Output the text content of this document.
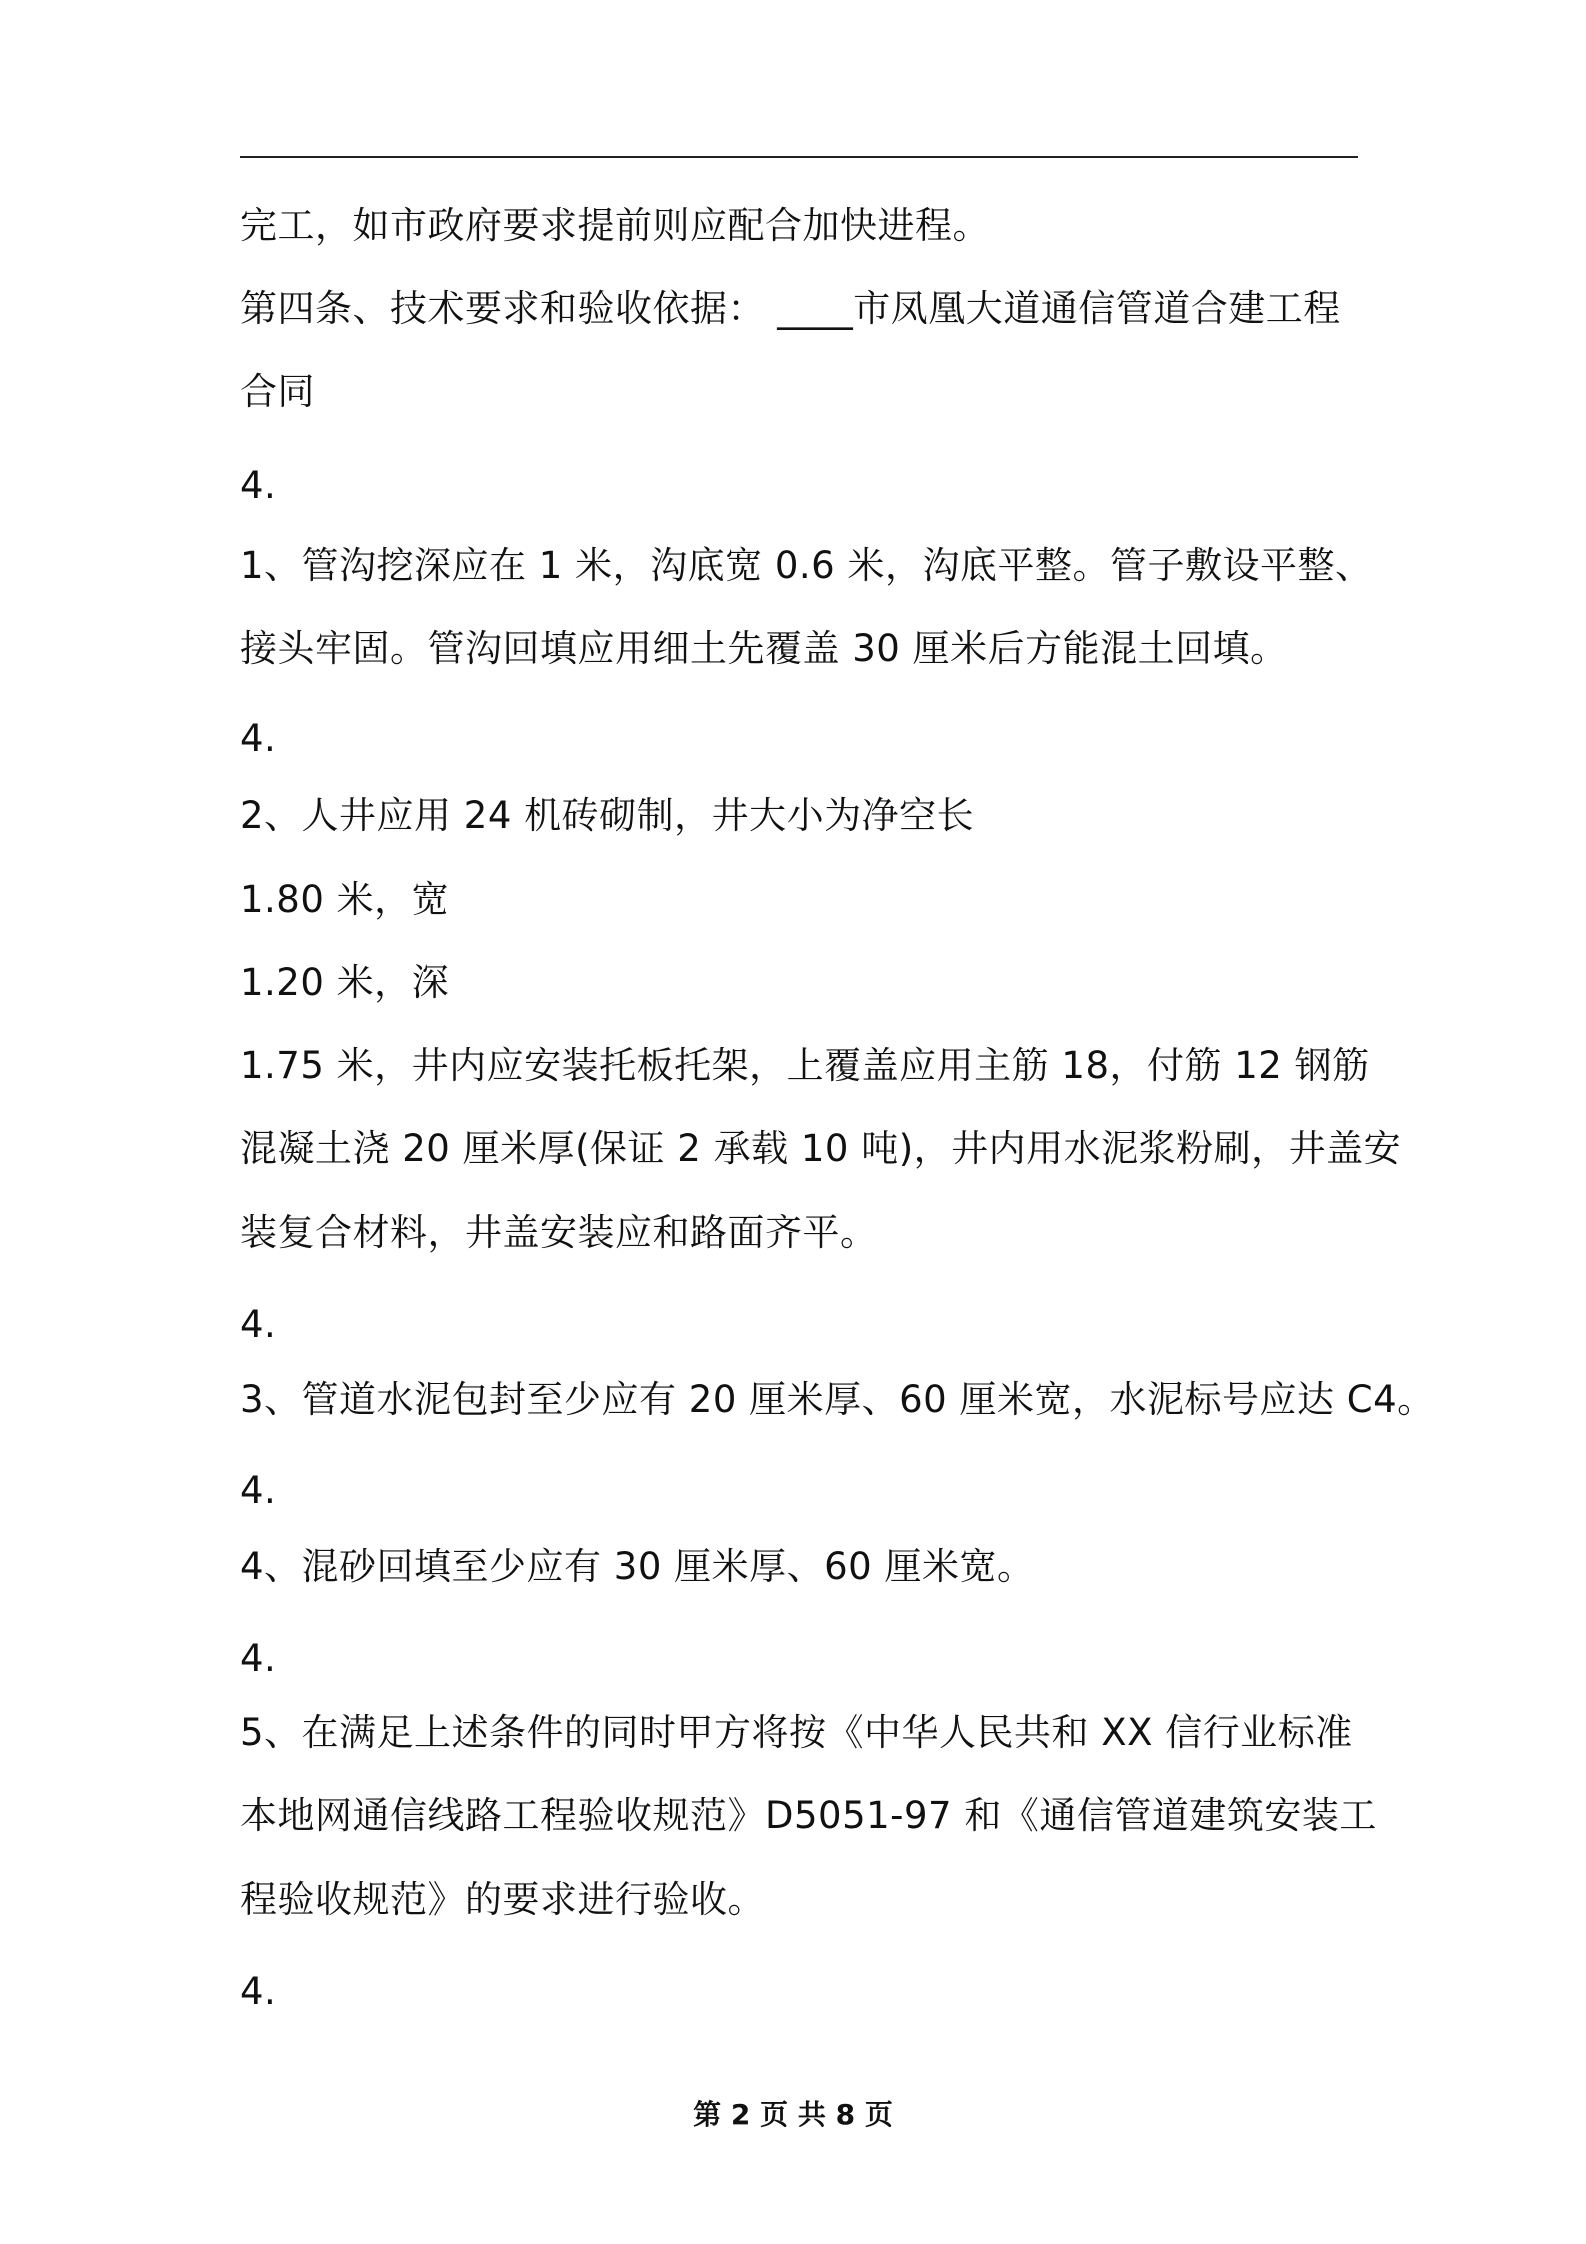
完工，如市政府要求提前则应配合加快进程。
第四条、技术要求和验收依据： ____市凤凰大道通信管道合建工程
合同
4.
1、管沟挖深应在 1 米，沟底宽 0.6 米，沟底平整。管子敷设平整、
接头牢固。管沟回填应用细土先覆盖 30 厘米后方能混土回填。
4.
2、人井应用 24 机砖砌制，井大小为净空长
1.80 米，宽
1.20 米，深
1.75 米，井内应安装托板托架，上覆盖应用主筋 18，付筋 12 钢筋
混凝土浇 20 厘米厚(保证 2 承载 10 吨)，井内用水泥浆粉刷，井盖安
装复合材料，井盖安装应和路面齐平。
4.
3、管道水泥包封至少应有 20 厘米厚、60 厘米宽，水泥标号应达 C4。
4.
4、混砂回填至少应有 30 厘米厚、60 厘米宽。
4.
5、在满足上述条件的同时甲方将按《中华人民共和 XX 信行业标准
本地网通信线路工程验收规范》D5051-97 和《通信管道建筑安装工
程验收规范》的要求进行验收。
4.
第 2 页 共 8 页
